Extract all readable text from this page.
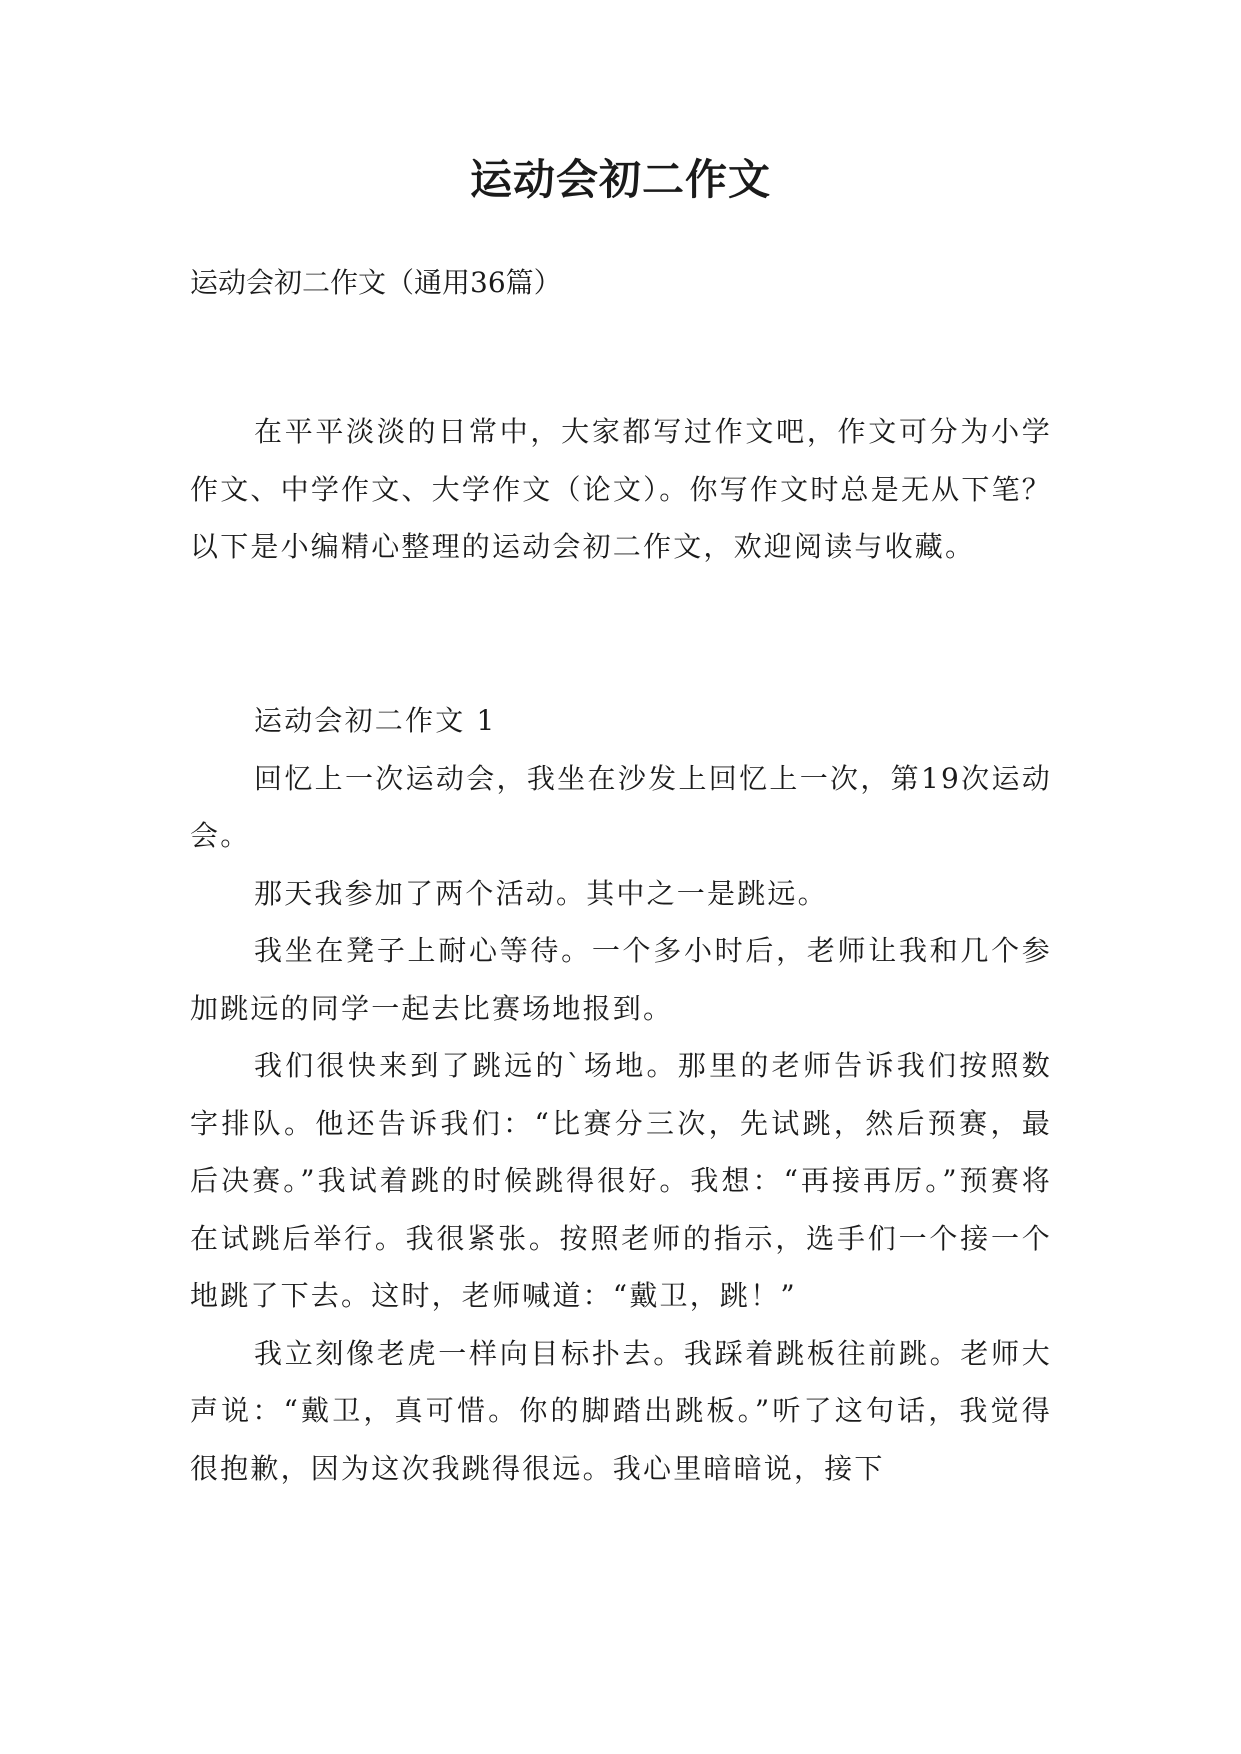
运动会初二作文

运动会初二作文（通用36篇）

在平平淡淡的日常中，大家都写过作文吧，作文可分为小学作文、中学作文、大学作文（论文）。你写作文时总是无从下笔？以下是小编精心整理的运动会初二作文，欢迎阅读与收藏。

运动会初二作文 1

回忆上一次运动会，我坐在沙发上回忆上一次，第19次运动会。

那天我参加了两个活动。其中之一是跳远。

我坐在凳子上耐心等待。一个多小时后，老师让我和几个参加跳远的同学一起去比赛场地报到。

我们很快来到了跳远的`场地。那里的老师告诉我们按照数字排队。他还告诉我们：“比赛分三次，先试跳，然后预赛，最后决赛。”我试着跳的时候跳得很好。我想：“再接再厉。”预赛将在试跳后举行。我很紧张。按照老师的指示，选手们一个接一个地跳了下去。这时，老师喊道：“戴卫，跳！”

我立刻像老虎一样向目标扑去。我踩着跳板往前跳。老师大声说：“戴卫，真可惜。你的脚踏出跳板。”听了这句话，我觉得很抱歉，因为这次我跳得很远。我心里暗暗说，接下
